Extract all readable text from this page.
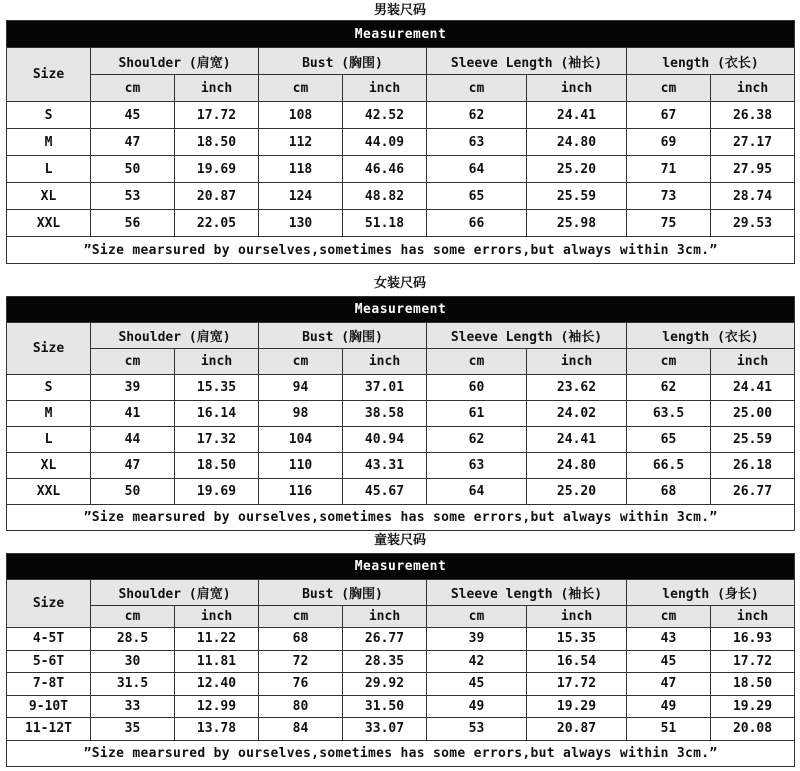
男装尺码
Measurement								
Size	Shoulder (肩宽)		Bust (胸围)		Sleeve Length (袖长)		length (衣长)	
	cm	inch	cm	inch	cm	inch	cm	inch
S	45	17.72	108	42.52	62	24.41	67	26.38
M	47	18.50	112	44.09	63	24.80	69	27.17
L	50	19.69	118	46.46	64	25.20	71	27.95
XL	53	20.87	124	48.82	65	25.59	73	28.74
XXL	56	22.05	130	51.18	66	25.98	75	29.53
”Size mearsured by ourselves,sometimes has some errors,but always within 3cm.”								
女装尺码
Measurement								
Size	Shoulder (肩宽)		Bust (胸围)		Sleeve Length (袖长)		length (衣长)	
	cm	inch	cm	inch	cm	inch	cm	inch
S	39	15.35	94	37.01	60	23.62	62	24.41
M	41	16.14	98	38.58	61	24.02	63.5	25.00
L	44	17.32	104	40.94	62	24.41	65	25.59
XL	47	18.50	110	43.31	63	24.80	66.5	26.18
XXL	50	19.69	116	45.67	64	25.20	68	26.77
”Size mearsured by ourselves,sometimes has some errors,but always within 3cm.”								
童装尺码
Measurement								
Size	Shoulder (肩宽)		Bust (胸围)		Sleeve length (袖长)		length (身长)	
	cm	inch	cm	inch	cm	inch	cm	inch
4-5T	28.5	11.22	68	26.77	39	15.35	43	16.93
5-6T	30	11.81	72	28.35	42	16.54	45	17.72
7-8T	31.5	12.40	76	29.92	45	17.72	47	18.50
9-10T	33	12.99	80	31.50	49	19.29	49	19.29
11-12T	35	13.78	84	33.07	53	20.87	51	20.08
”Size mearsured by ourselves,sometimes has some errors,but always within 3cm.”								
